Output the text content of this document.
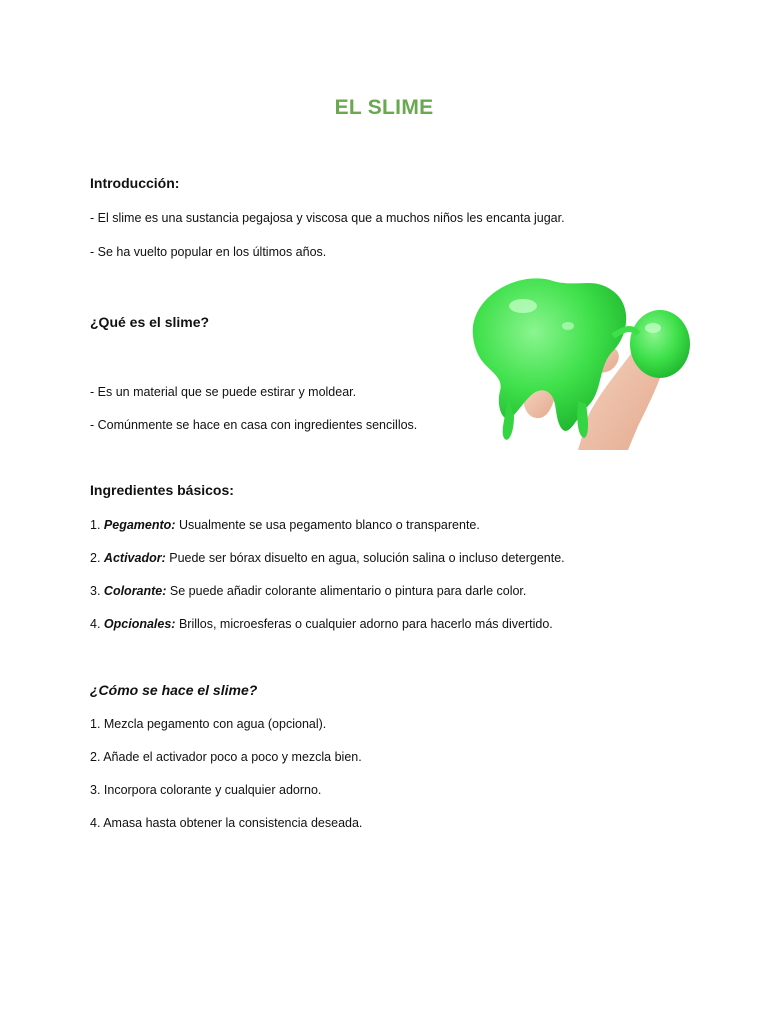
EL SLIME
Introducción:
- El slime es una sustancia pegajosa y viscosa que a muchos niños les encanta jugar.
- Se ha vuelto popular en los últimos años.
¿Qué es el slime?
- Es un material que se puede estirar y moldear.
- Comúnmente se hace en casa con ingredientes sencillos.
Ingredientes básicos:
1. Pegamento: Usualmente se usa pegamento blanco o transparente.
2. Activador: Puede ser bórax disuelto en agua, solución salina o incluso detergente.
3. Colorante: Se puede añadir colorante alimentario o pintura para darle color.
4. Opcionales: Brillos, microesferas o cualquier adorno para hacerlo más divertido.
¿Cómo se hace el slime?
1. Mezcla pegamento con agua (opcional).
2. Añade el activador poco a poco y mezcla bien.
3. Incorpora colorante y cualquier adorno.
4. Amasa hasta obtener la consistencia deseada.
